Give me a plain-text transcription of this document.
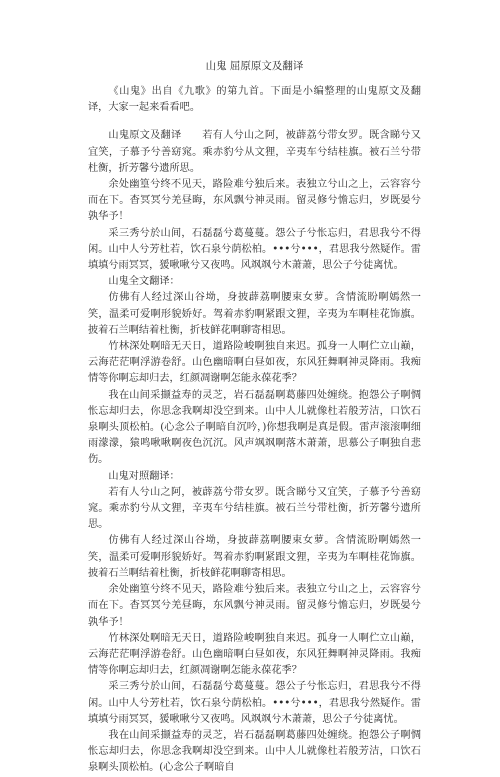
山鬼 屈原原文及翻译

《山鬼》出自《九歌》的第九首。下面是小编整理的山鬼原文及翻译，大家一起来看看吧。

山鬼原文及翻译　　若有人兮山之阿，被薜荔兮带女罗。既含睇兮又宜笑，子慕予兮善窈窕。乘赤豹兮从文狸，辛夷车兮结桂旗。被石兰兮带杜衡，折芳馨兮遗所思。

余处幽篁兮终不见天，路险难兮独后来。表独立兮山之上，云容容兮而在下。杳冥冥兮羌昼晦，东风飘兮神灵雨。留灵修兮憺忘归，岁既晏兮孰华予！

采三秀兮於山间，石磊磊兮葛蔓蔓。怨公子兮怅忘归，君思我兮不得闲。山中人兮芳杜若，饮石泉兮荫松柏。•••兮•••，君思我兮然疑作。雷填填兮雨冥冥，猨啾啾兮又夜鸣。风飒飒兮木萧萧，思公子兮徒离忧。

山鬼全文翻译：

仿佛有人经过深山谷坳，身披薜荔啊腰束女萝。含情流盼啊嫣然一笑，温柔可爱啊形貌娇好。驾着赤豹啊紧跟文狸，辛夷为车啊桂花饰旗。披着石兰啊结着杜衡，折枝鲜花啊聊寄相思。

竹林深处啊暗无天日，道路险峻啊独自来迟。孤身一人啊伫立山巅，云海茫茫啊浮游卷舒。山色幽暗啊白昼如夜，东风狂舞啊神灵降雨。我痴情等你啊忘却归去，红颜凋谢啊怎能永葆花季？

我在山间采撷益寿的灵芝，岩石磊磊啊葛藤四处缠绕。抱怨公子啊惆怅忘却归去，你思念我啊却没空到来。山中人儿就像杜若般芳洁，口饮石泉啊头顶松柏。(心念公子啊暗自沉吟，)你想我啊是真是假。雷声滚滚啊细雨濛濛，猿鸣啾啾啊夜色沉沉。风声飒飒啊落木萧萧，思慕公子啊独自悲伤。

山鬼对照翻译：

若有人兮山之阿，被薜荔兮带女罗。既含睇兮又宜笑，子慕予兮善窈窕。乘赤豹兮从文狸，辛夷车兮结桂旗。被石兰兮带杜衡，折芳馨兮遗所思。

仿佛有人经过深山谷坳，身披薜荔啊腰束女萝。含情流盼啊嫣然一笑，温柔可爱啊形貌娇好。驾着赤豹啊紧跟文狸，辛夷为车啊桂花饰旗。披着石兰啊结着杜衡，折枝鲜花啊聊寄相思。

余处幽篁兮终不见天，路险难兮独后来。表独立兮山之上，云容容兮而在下。杳冥冥兮羌昼晦，东风飘兮神灵雨。留灵修兮憺忘归，岁既晏兮孰华予！

竹林深处啊暗无天日，道路险峻啊独自来迟。孤身一人啊伫立山巅，云海茫茫啊浮游卷舒。山色幽暗啊白昼如夜，东风狂舞啊神灵降雨。我痴情等你啊忘却归去，红颜凋谢啊怎能永葆花季？

采三秀兮於山间，石磊磊兮葛蔓蔓。怨公子兮怅忘归，君思我兮不得闲。山中人兮芳杜若，饮石泉兮荫松柏。•••兮•••，君思我兮然疑作。雷填填兮雨冥冥，猨啾啾兮又夜鸣。风飒飒兮木萧萧，思公子兮徒离忧。

我在山间采撷益寿的灵芝，岩石磊磊啊葛藤四处缠绕。抱怨公子啊惆怅忘却归去，你思念我啊却没空到来。山中人儿就像杜若般芳洁，口饮石泉啊头顶松柏。(心念公子啊暗自
